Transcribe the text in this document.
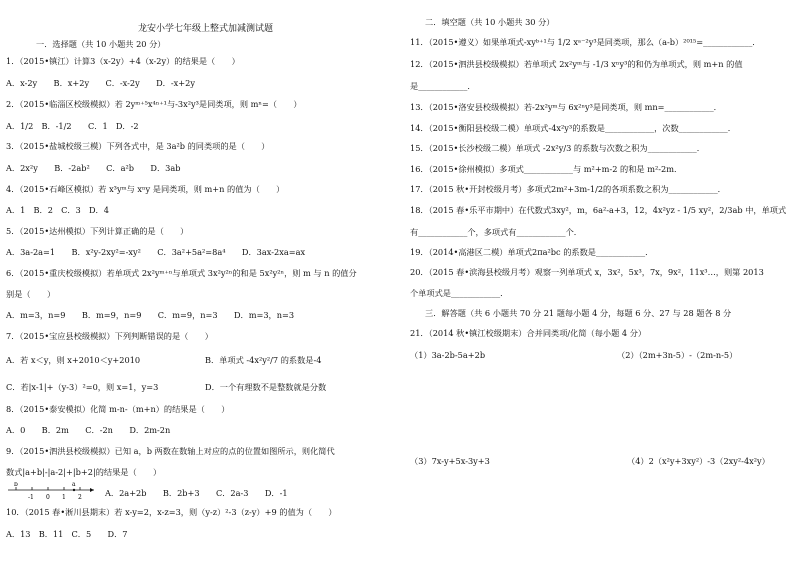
龙安小学七年级上整式加减测试题
一．选择题（共 10 小题共 20 分）
1．（2015•镇江）计算3（x-2y）+4（x-2y）的结果是（　　）
A．x-2y　　B．x+2y　　C．-x-2y　　D．-x+2y
2．（2015•临淄区校级模拟）若 2yᵐ⁺⁵x⁴ⁿ⁺¹与-3x²y³是同类项，则 mⁿ=（　　）
A．1/2　B．-1/2　　C．1　D．-2
3．（2015•盐城校级三模）下列各式中，是 3a²b 的同类项的是（　　）
A．2x²y　　B．-2ab²　　C．a²b　　D．3ab
4．（2015•石峰区模拟）若 x³yᵐ与 xⁿy 是同类项，则 m+n 的值为（　　）
A．1　B．2　C．3　D．4
5．（2015•达州模拟）下列计算正确的是（　　）
A．3a-2a=1　　B．x²y-2xy²=-xy²　　C．3a²+5a²=8a⁴　　D．3ax-2xa=ax
6．（2015•重庆校级模拟）若单项式 2x²yᵐ⁺ⁿ与单项式 3x²y²ⁿ的和是 5x²y²ⁿ，则 m 与 n 的值分
别是（　　）
A．m=3，n=9　　B．m=9，n=9　　C．m=9，n=3　　D．m=3，n=3
7．（2015•宝应县校级模拟）下列判断错误的是（　　）
A．若 x＜y，则 x+2010＜y+2010	B．单项式 -4x²y²/7 的系数是-4
C．若|x-1|+（y-3）²=0，则 x=1，y=3	D．一个有理数不是整数就是分数
8．（2015•泰安模拟）化简 m-n-（m+n）的结果是（　　）
A．0　　B．2m　　C．-2n　　D．2m-2n
9．（2015•泗洪县校级模拟）已知 a，b 两数在数轴上对应的点的位置如图所示，则化简代
数式|a+b|-|a-2|+|b+2|的结果是（　　）
b	a
-1 0 1 2	A．2a+2b　　B．2b+3　　C．2a-3　　D．-1
10．（2015 春•淅川县期末）若 x-y=2，x-z=3，则（y-z）²-3（z-y）+9 的值为（　　）
A．13　B．11　C．5　　D．7
二．填空题（共 10 小题共 30 分）
11．（2015•遵义）如果单项式-xyᵇ⁺¹与 1/2 xᵃ⁻²y³是同类项，那么（a-b）²⁰¹⁵=____________．
12．（2015•泗洪县校级模拟）若单项式 2x²yᵐ与 -1/3 xⁿy³的和仍为单项式，则 m+n 的值
是____________．
13．（2015•洛安县校级模拟）若-2x²yᵐ与 6x²ⁿy³是同类项，则 mn=____________．
14．（2015•衡阳县校级二模）单项式-4x²y³的系数是____________，次数____________．
15．（2015•长沙校级二模）单项式 -2x²y/3 的系数与次数之积为____________．
16．（2015•徐州模拟）多项式____________与 m²+m-2 的和是 m²-2m．
17．（2015 秋•开封校级月考）多项式2m²+3m-1/2的各项系数之积为____________．
18．（2015 春•乐平市期中）在代数式3xy²，m，6a²-a+3，12，4x²yz - 1/5 xy²，2/3ab 中，单项式
有____________个，多项式有____________个．
19．（2014•高港区二模）单项式2πa²bc 的系数是____________．
20．（2015 春•滨海县校级月考）观察一列单项式 x，3x²，5x³，7x，9x²，11x³…，则第 2013
个单项式是____________．
三．解答题（共 6 小题共 70 分 21 题每小题 4 分，每题 6 分、27 与 28 题各 8 分
21．（2014 秋•镇江校级期末）合并同类项/化简（每小题 4 分）
（1）3a-2b-5a+2b	（2）（2m+3n-5）-（2m-n-5）
（3）7x-y+5x-3y+3	（4）2（x²y+3xy²）-3（2xy²-4x²y）
